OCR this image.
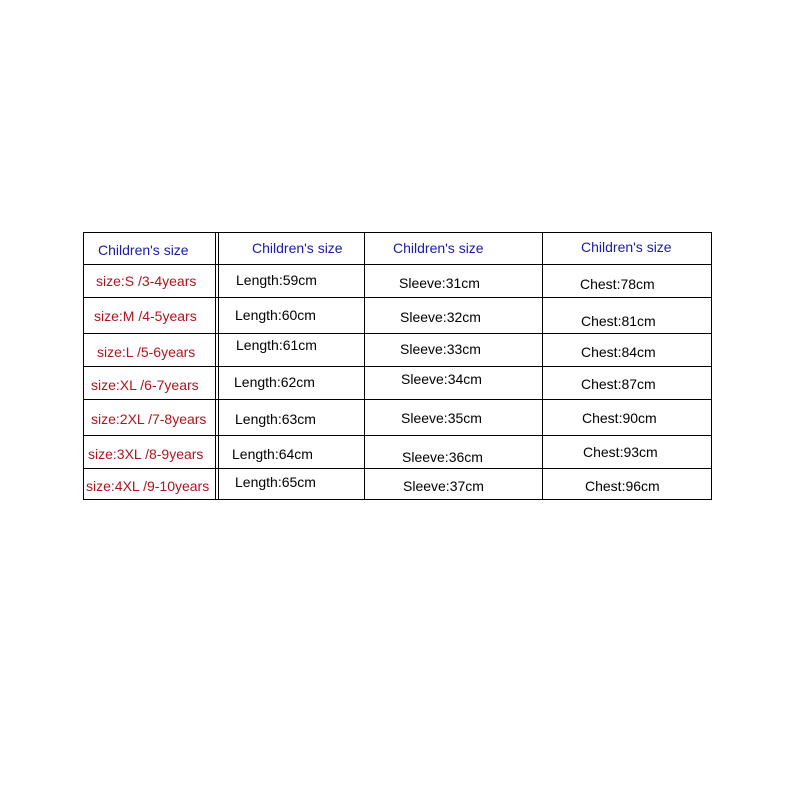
Children's size	Children's size	Children's size	Children's size
size:S /3-4years	Length:59cm	Sleeve:31cm	Chest:78cm
size:M /4-5years	Length:60cm	Sleeve:32cm	Chest:81cm
size:L /5-6years	Length:61cm	Sleeve:33cm	Chest:84cm
size:XL /6-7years	Length:62cm	Sleeve:34cm	Chest:87cm
size:2XL /7-8years Length:63cm	Sleeve:35cm	Chest:90cm
size:3XL /8-9years Length:64cm	Sleeve:36cm	Chest:93cm
size:4XL /9-10years Length:65cm	Sleeve:37cm	Chest:96cm
